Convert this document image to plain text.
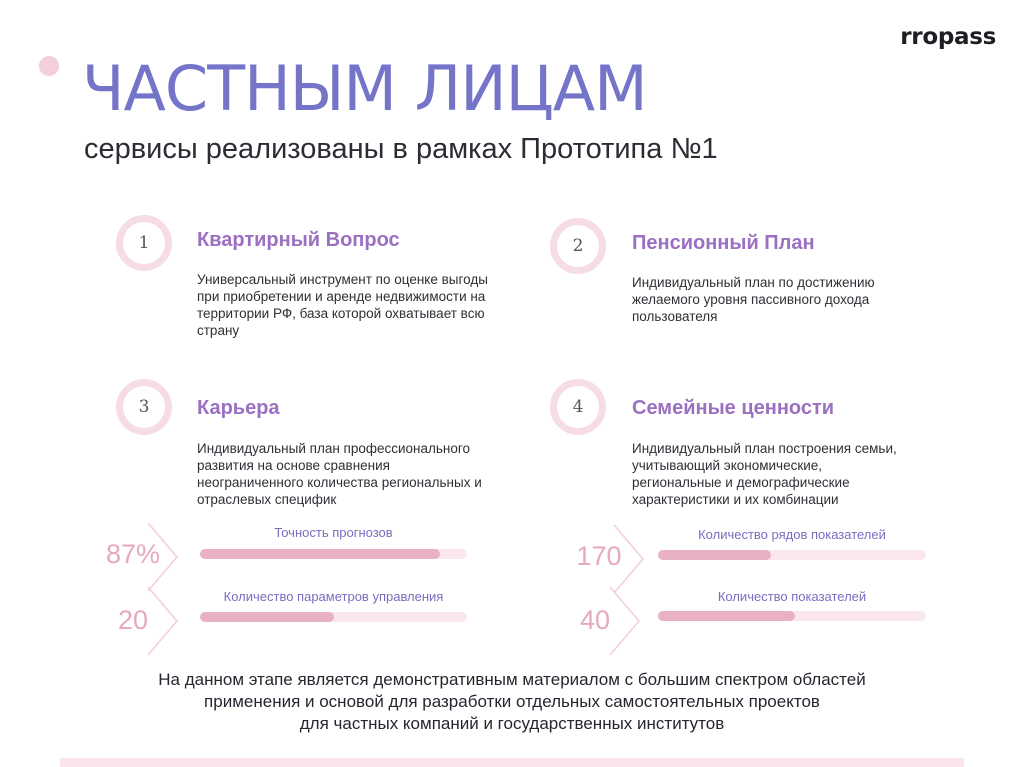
rropass
ЧАСТНЫМ ЛИЦАМ
сервисы реализованы в рамках Прототипа №1
1	Квартирный Вопрос
Универсальный инструмент по оценке выгоды при приобретении и аренде недвижимости на территории РФ, база которой охватывает всю страну
2	Пенсионный План
Индивидуальный план по достижению желаемого уровня пассивного дохода пользователя
3	Карьера
Индивидуальный план профессионального развития на основе сравнения неограниченного количества региональных и отраслевых специфик
4	Семейные ценности
Индивидуальный план построения семьи, учитывающий экономические, региональные и демографические характеристики и их комбинации
87%
Точность прогнозов
20
Количество параметров управления
170
Количество рядов показателей
40
Количество показателей
На данном этапе является демонстративным материалом с большим спектром областей
применения и основой для разработки отдельных самостоятельных проектов
для частных компаний и государственных институтов
